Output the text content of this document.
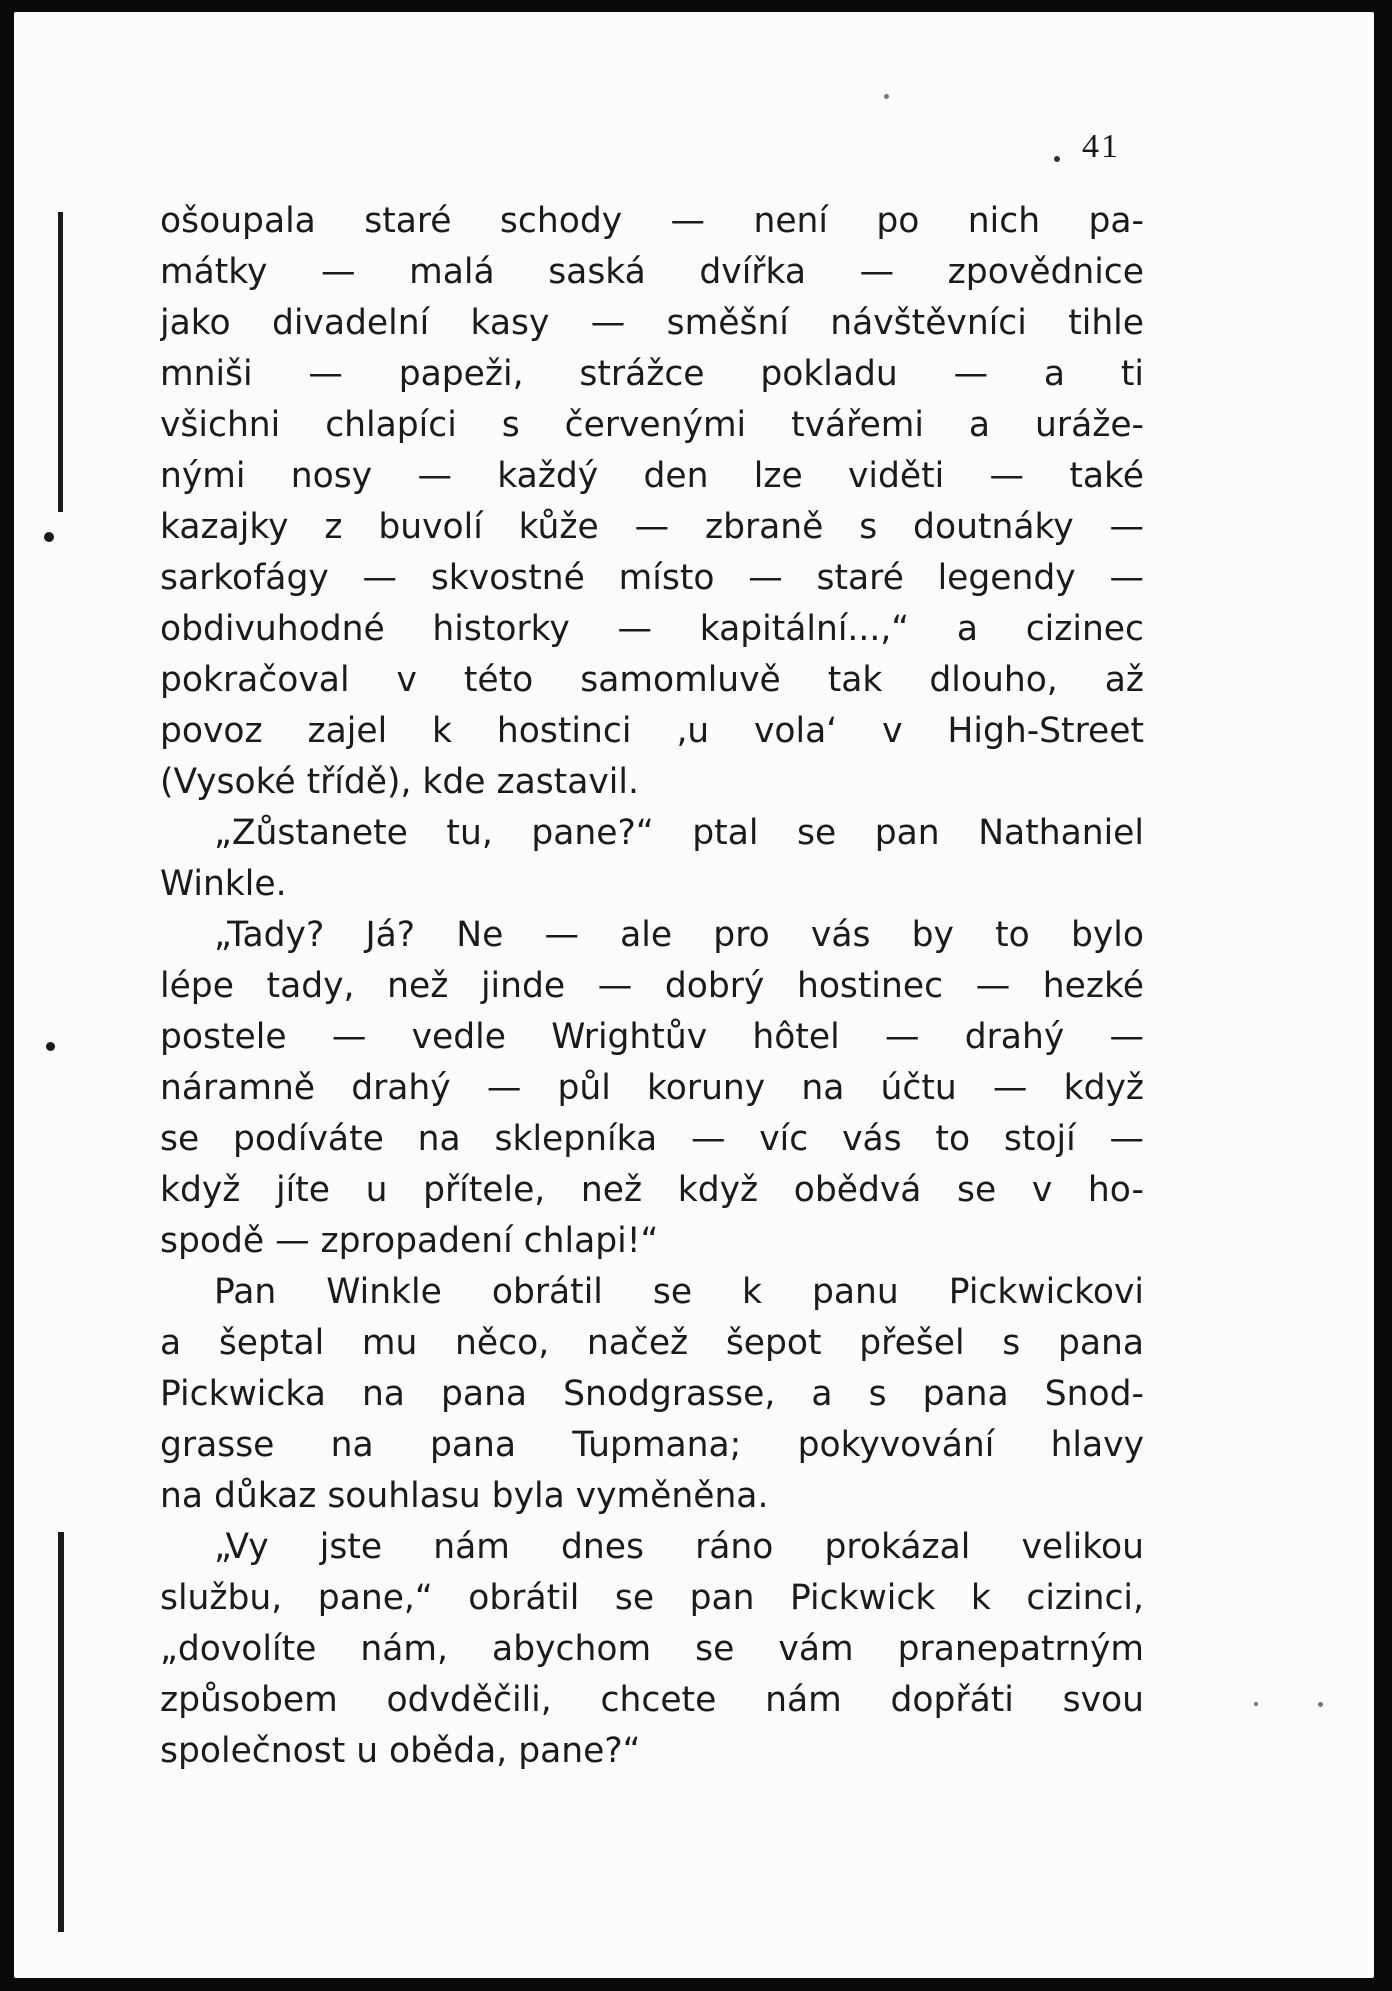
41
ošoupala staré schody — není po nich pa-
mátky — malá saská dvířka — zpovědnice
jako divadelní kasy — směšní návštěvníci tihle
mniši — papeži, strážce pokladu — a ti
všichni chlapíci s červenými tvářemi a uráže-
nými nosy — každý den lze viděti — také
kazajky z buvolí kůže — zbraně s doutnáky —
sarkofágy — skvostné místo — staré legendy —
obdivuhodné historky — kapitální...,“ a cizinec
pokračoval v této samomluvě tak dlouho, až
povoz zajel k hostinci ‚u vola‘ v High-Street
(Vysoké třídě), kde zastavil.
„Zůstanete tu, pane?“ ptal se pan Nathaniel
Winkle.
„Tady? Já? Ne — ale pro vás by to bylo
lépe tady, než jinde — dobrý hostinec — hezké
postele — vedle Wrightův hôtel — drahý —
náramně drahý — půl koruny na účtu — když
se podíváte na sklepníka — víc vás to stojí —
když jíte u přítele, než když obědvá se v ho-
spodě — zpropadení chlapi!“
Pan Winkle obrátil se k panu Pickwickovi
a šeptal mu něco, načež šepot přešel s pana
Pickwicka na pana Snodgrasse, a s pana Snod-
grasse na pana Tupmana; pokyvování hlavy
na důkaz souhlasu byla vyměněna.
„Vy jste nám dnes ráno prokázal velikou
službu, pane,“ obrátil se pan Pickwick k cizinci,
„dovolíte nám, abychom se vám pranepatrným
způsobem odvděčili, chcete nám dopřáti svou
společnost u oběda, pane?“
